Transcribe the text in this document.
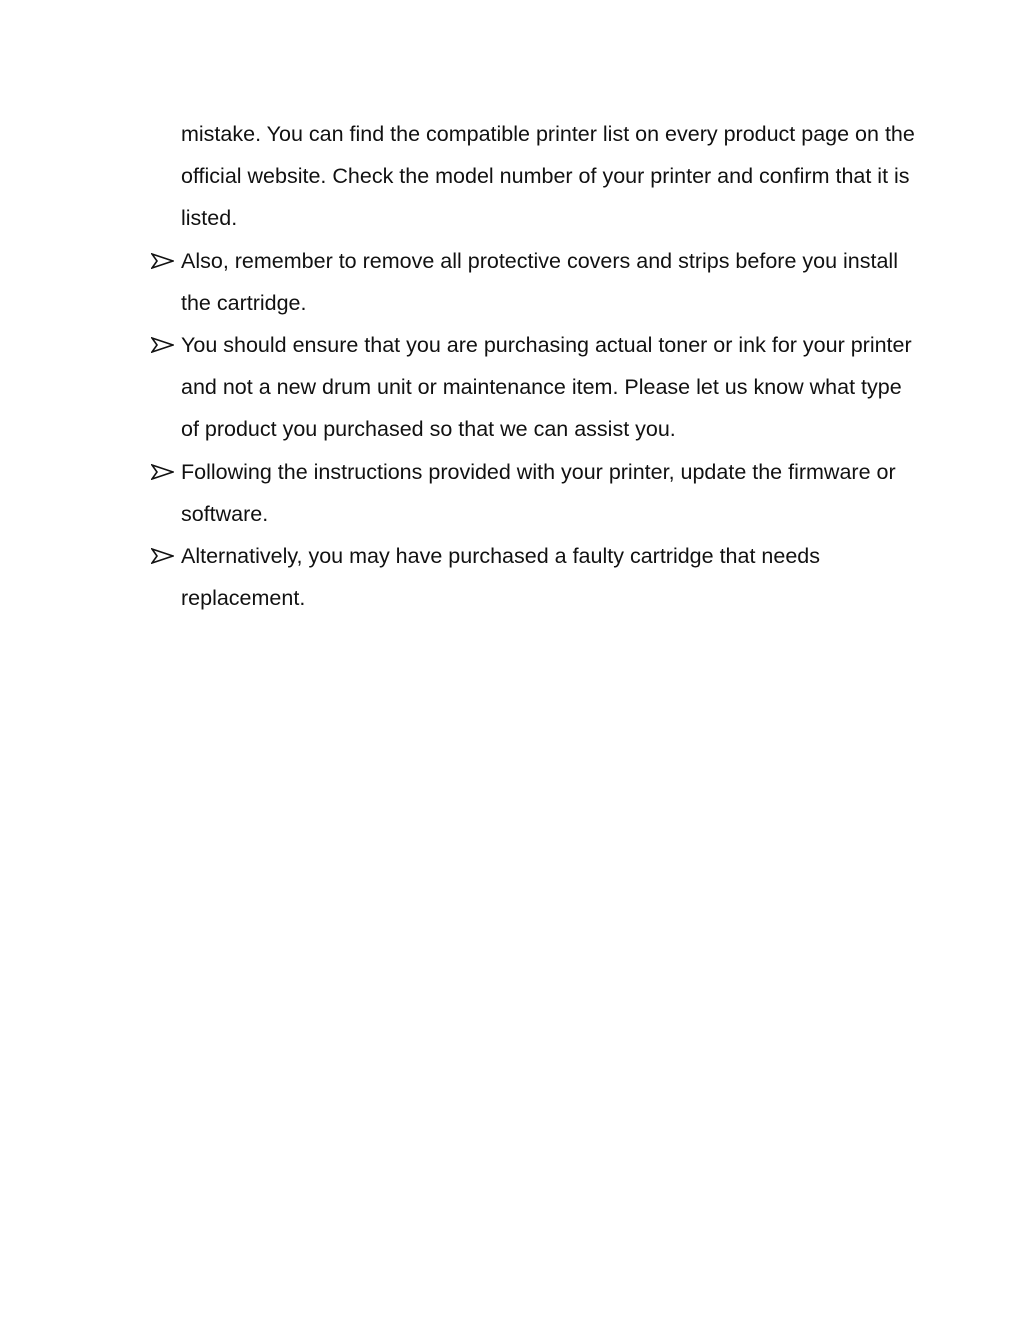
mistake. You can find the compatible printer list on every product page on the official website. Check the model number of your printer and confirm that it is listed.

Also, remember to remove all protective covers and strips before you install the cartridge.
You should ensure that you are purchasing actual toner or ink for your printer and not a new drum unit or maintenance item. Please let us know what type of product you purchased so that we can assist you.
Following the instructions provided with your printer, update the firmware or software.
Alternatively, you may have purchased a faulty cartridge that needs replacement.
